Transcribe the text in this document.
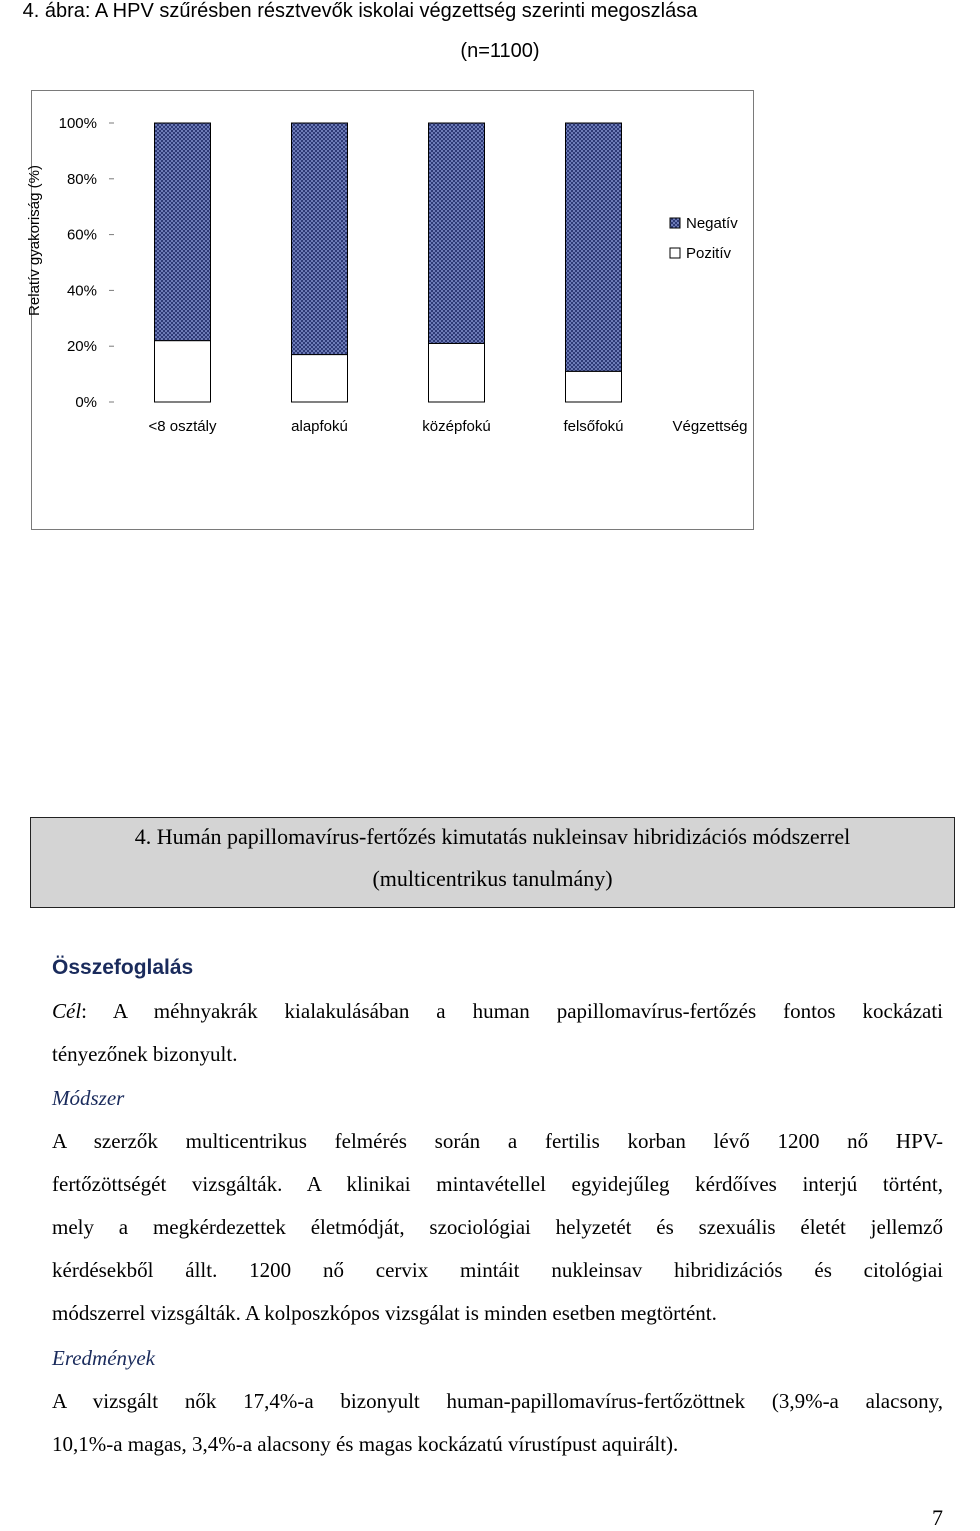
4. ábra: A HPV szűrésben résztvevők iskolai végzettség szerinti megoszlása
(n=1100)
0%
20%
40%
60%
80%
100%
Relatív gyakoriság (%)
<8 osztály	alapfokú	középfokú	felsőfokú	Végzettség
Negatív
Pozitív
4. Humán papillomavírus-fertőzés kimutatás nukleinsav hibridizációs módszerrel
(multicentrikus tanulmány)
Összefoglalás
Cél: A méhnyakrák kialakulásában a human papillomavírus-fertőzés fontos kockázati
tényezőnek bizonyult.
Módszer
A szerzők multicentrikus felmérés során a fertilis korban lévő 1200 nő HPV-
fertőzöttségét vizsgálták. A klinikai mintavétellel egyidejűleg kérdőíves interjú történt,
mely a megkérdezettek életmódját, szociológiai helyzetét és szexuális életét jellemző
kérdésekből állt. 1200 nő cervix mintáit nukleinsav hibridizációs és citológiai
módszerrel vizsgálták. A kolposzkópos vizsgálat is minden esetben megtörtént.
Eredmények
A vizsgált nők 17,4%-a bizonyult human-papillomavírus-fertőzöttnek (3,9%-a alacsony,
10,1%-a magas, 3,4%-a alacsony és magas kockázatú vírustípust aquirált).
7
